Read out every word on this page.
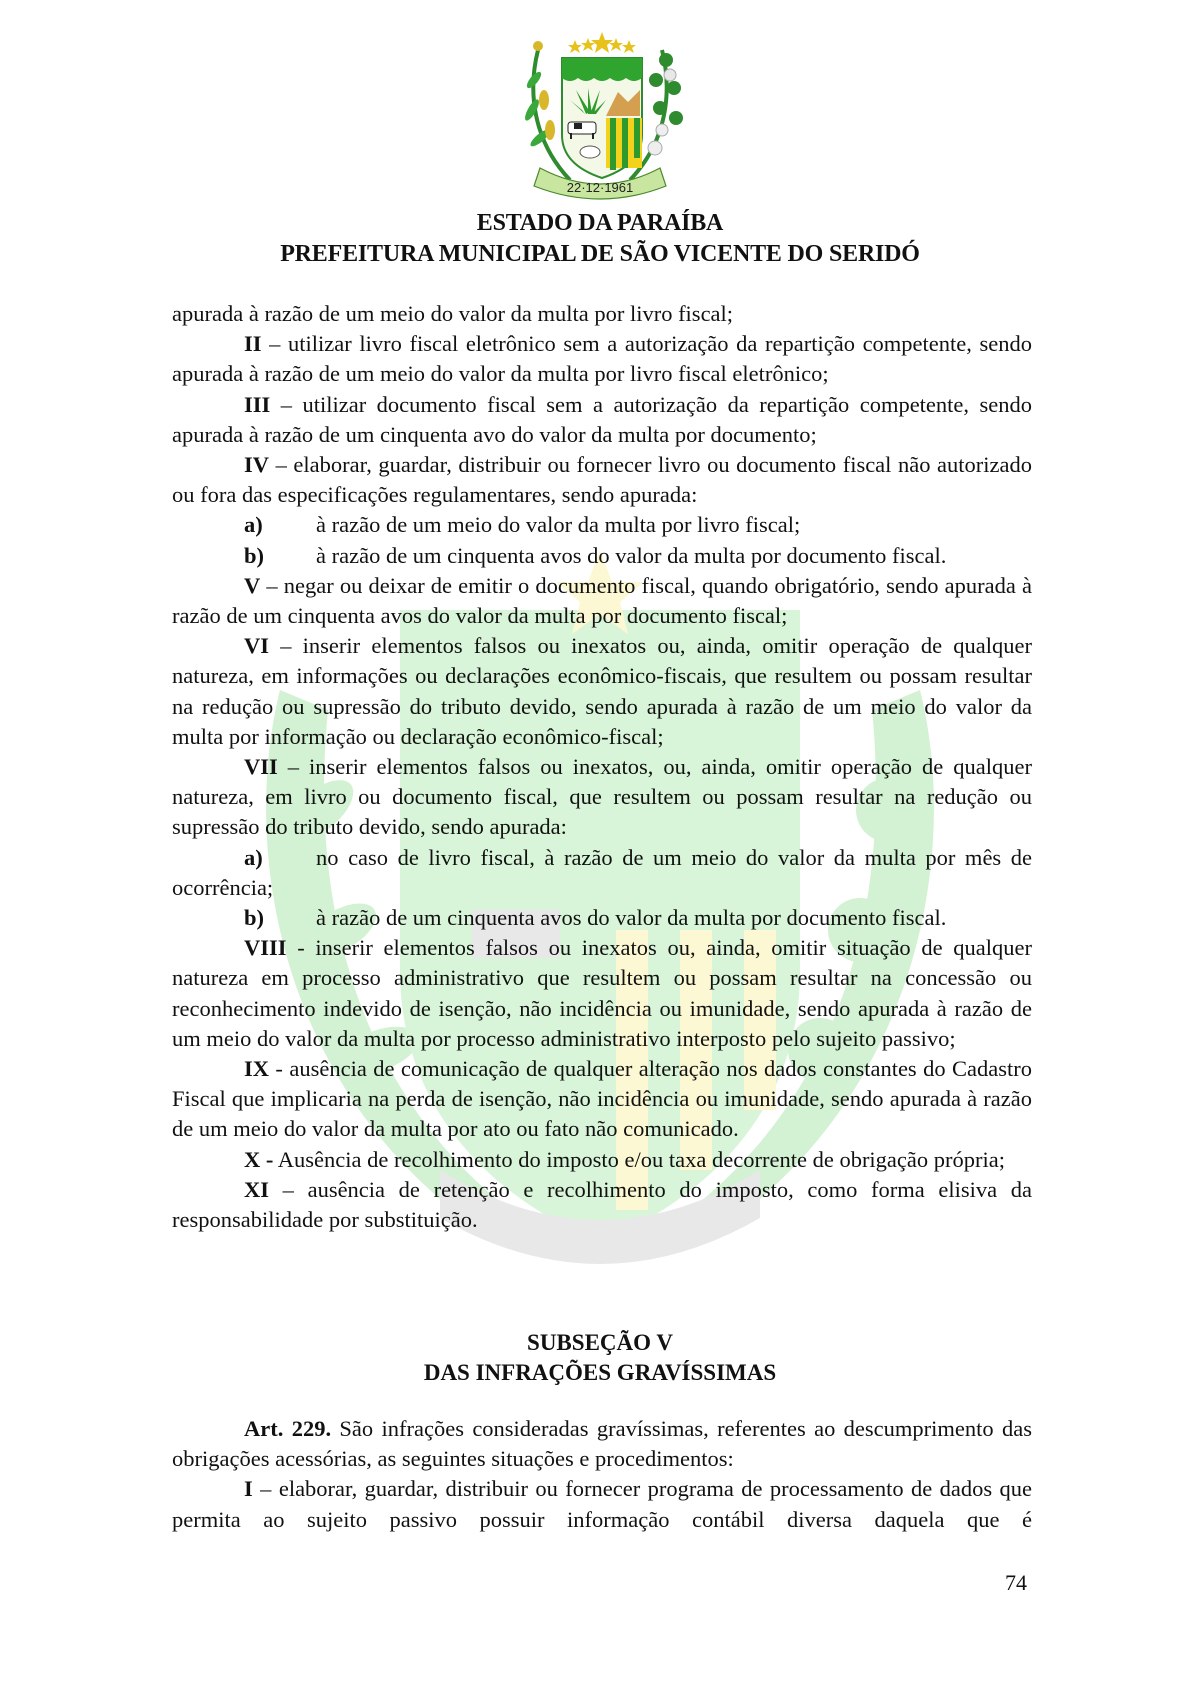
22·12·1961
ESTADO DA PARAÍBA
PREFEITURA MUNICIPAL DE SÃO VICENTE DO SERIDÓ

apurada à razão de um meio do valor da multa por livro fiscal;

II – utilizar livro fiscal eletrônico sem a autorização da repartição competente, sendo apurada à razão de um meio do valor da multa por livro fiscal eletrônico;

III – utilizar documento fiscal sem a autorização da repartição competente, sendo apurada à razão de um cinquenta avo do valor da multa por documento;

IV – elaborar, guardar, distribuir ou fornecer livro ou documento fiscal não autorizado ou fora das especificações regulamentares, sendo apurada:

a)	à razão de um meio do valor da multa por livro fiscal;
b)	à razão de um cinquenta avos do valor da multa por documento fiscal.

V – negar ou deixar de emitir o documento fiscal, quando obrigatório, sendo apurada à razão de um cinquenta avos do valor da multa por documento fiscal;

VI – inserir elementos falsos ou inexatos ou, ainda, omitir operação de qualquer natureza, em informações ou declarações econômico-fiscais, que resultem ou possam resultar na redução ou supressão do tributo devido, sendo apurada à razão de um meio do valor da multa por informação ou declaração econômico-fiscal;

VII – inserir elementos falsos ou inexatos, ou, ainda, omitir operação de qualquer natureza, em livro ou documento fiscal, que resultem ou possam resultar na redução ou supressão do tributo devido, sendo apurada:

a) no caso de livro fiscal, à razão de um meio do valor da multa por mês de ocorrência;

b)	à razão de um cinquenta avos do valor da multa por documento fiscal.

VIII - inserir elementos falsos ou inexatos ou, ainda, omitir situação de qualquer natureza em processo administrativo que resultem ou possam resultar na concessão ou reconhecimento indevido de isenção, não incidência ou imunidade, sendo apurada à razão de um meio do valor da multa por processo administrativo interposto pelo sujeito passivo;

IX - ausência de comunicação de qualquer alteração nos dados constantes do Cadastro Fiscal que implicaria na perda de isenção, não incidência ou imunidade, sendo apurada à razão de um meio do valor da multa por ato ou fato não comunicado.

X - Ausência de recolhimento do imposto e/ou taxa decorrente de obrigação própria;

XI – ausência de retenção e recolhimento do imposto, como forma elisiva da responsabilidade por substituição.

SUBSEÇÃO V
DAS INFRAÇÕES GRAVÍSSIMAS

Art. 229. São infrações consideradas gravíssimas, referentes ao descumprimento das obrigações acessórias, as seguintes situações e procedimentos:

I – elaborar, guardar, distribuir ou fornecer programa de processamento de dados que permita ao sujeito passivo possuir informação contábil diversa daquela que é

74
